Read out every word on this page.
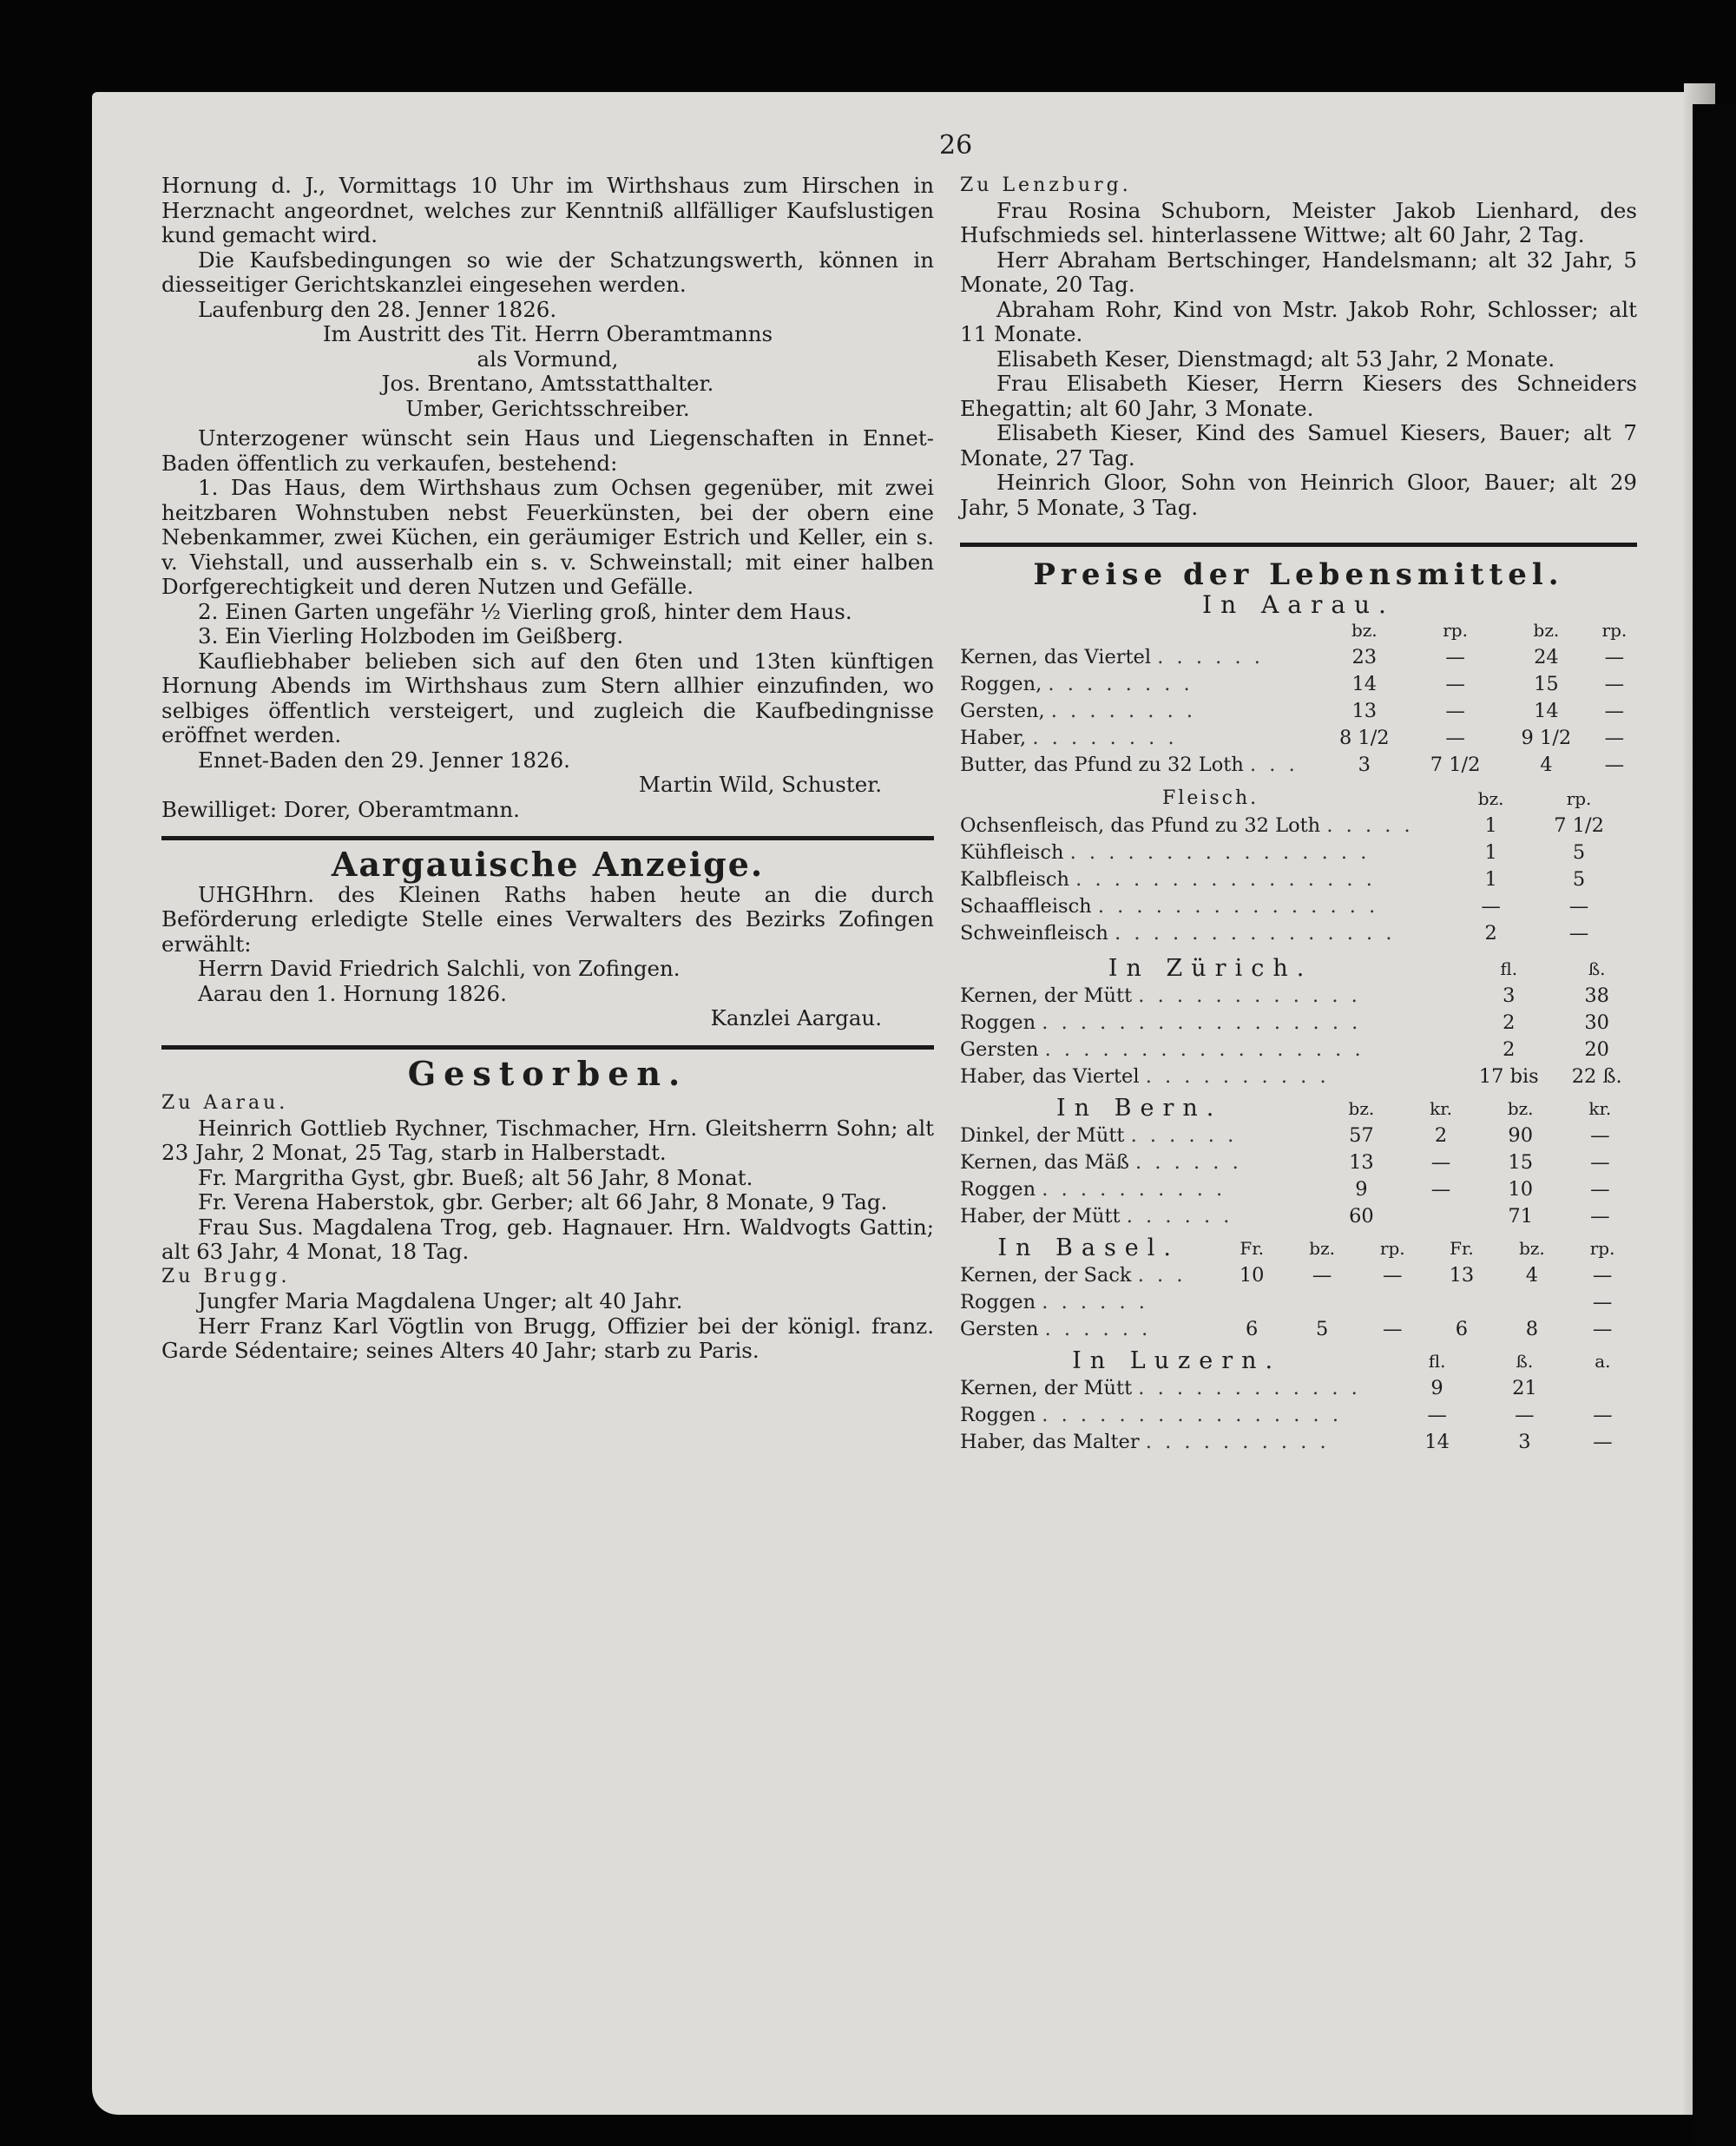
26

Hornung d. J., Vormittags 10 Uhr im Wirthshaus zum Hirschen in Herznacht angeordnet, welches zur Kenntniß allfälliger Kaufslustigen kund gemacht wird.

Die Kaufsbedingungen so wie der Schatzungswerth, können in diesseitiger Gerichtskanzlei eingesehen werden.

Laufenburg den 28. Jenner 1826.

Im Austritt des Tit. Herrn Oberamtmanns

als Vormund,

Jos. Brentano, Amtsstatthalter.

Umber, Gerichtsschreiber.

Unterzogener wünscht sein Haus und Liegenschaften in Ennet-Baden öffentlich zu verkaufen, bestehend:

1. Das Haus, dem Wirthshaus zum Ochsen gegenüber, mit zwei heitzbaren Wohnstuben nebst Feuerkünsten, bei der obern eine Nebenkammer, zwei Küchen, ein geräumiger Estrich und Keller, ein s. v. Viehstall, und ausserhalb ein s. v. Schweinstall; mit einer halben Dorfgerechtigkeit und deren Nutzen und Gefälle.

2. Einen Garten ungefähr ½ Vierling groß, hinter dem Haus.

3. Ein Vierling Holzboden im Geißberg.

Kaufliebhaber belieben sich auf den 6ten und 13ten künftigen Hornung Abends im Wirthshaus zum Stern allhier einzufinden, wo selbiges öffentlich versteigert, und zugleich die Kaufbedingnisse eröffnet werden.

Ennet-Baden den 29. Jenner 1826.

Martin Wild, Schuster.

Bewilliget: Dorer, Oberamtmann.

Aargauische Anzeige.

UHGHhrn. des Kleinen Raths haben heute an die durch Beförderung erledigte Stelle eines Verwalters des Bezirks Zofingen erwählt:

Herrn David Friedrich Salchli, von Zofingen.

Aarau den 1. Hornung 1826.

Kanzlei Aargau.

Gestorben.

Zu Aarau.

Heinrich Gottlieb Rychner, Tischmacher, Hrn. Gleitsherrn Sohn; alt 23 Jahr, 2 Monat, 25 Tag, starb in Halberstadt.

Fr. Margritha Gyst, gbr. Bueß; alt 56 Jahr, 8 Monat.

Fr. Verena Haberstok, gbr. Gerber; alt 66 Jahr, 8 Monate, 9 Tag.

Frau Sus. Magdalena Trog, geb. Hagnauer. Hrn. Waldvogts Gattin; alt 63 Jahr, 4 Monat, 18 Tag.

Zu Brugg.

Jungfer Maria Magdalena Unger; alt 40 Jahr.

Herr Franz Karl Vögtlin von Brugg, Offizier bei der königl. franz. Garde Sédentaire; seines Alters 40 Jahr; starb zu Paris.

Zu Lenzburg.

Frau Rosina Schuborn, Meister Jakob Lienhard, des Hufschmieds sel. hinterlassene Wittwe; alt 60 Jahr, 2 Tag.

Herr Abraham Bertschinger, Handelsmann; alt 32 Jahr, 5 Monate, 20 Tag.

Abraham Rohr, Kind von Mstr. Jakob Rohr, Schlosser; alt 11 Monate.

Elisabeth Keser, Dienstmagd; alt 53 Jahr, 2 Monate.

Frau Elisabeth Kieser, Herrn Kiesers des Schneiders Ehegattin; alt 60 Jahr, 3 Monate.

Elisabeth Kieser, Kind des Samuel Kiesers, Bauer; alt 7 Monate, 27 Tag.

Heinrich Gloor, Sohn von Heinrich Gloor, Bauer; alt 29 Jahr, 5 Monate, 3 Tag.

Preise der Lebensmittel.
In Aarau.
	bz.	rp.	bz.	rp.
Kernen, das Viertel . . . . . .	23	—	24	—
Roggen, . . . . . . . .	14	—	15	—
Gersten, . . . . . . . .	13	—	14	—
Haber, . . . . . . . .	8 1/2	—	9 1/2	—
Butter, das Pfund zu 32 Loth . . .	3	7 1/2	4	—
Fleisch.	bz.	rp.
Ochsenfleisch, das Pfund zu 32 Loth . . . . .	1	7 1/2
Kühfleisch . . . . . . . . . . . . . . . .	1	5
Kalbfleisch . . . . . . . . . . . . . . . .	1	5
Schaaffleisch . . . . . . . . . . . . . . .	—	—
Schweinfleisch . . . . . . . . . . . . . . .	2	—
In Zürich.	fl.	ß.
Kernen, der Mütt . . . . . . . . . . . .	3	38
Roggen . . . . . . . . . . . . . . . . .	2	30
Gersten . . . . . . . . . . . . . . . . .	2	20
Haber, das Viertel . . . . . . . . . .	17 bis	22 ß.
In Bern.	bz.	kr.	bz.	kr.
Dinkel, der Mütt . . . . . .	57	2	90	—
Kernen, das Mäß . . . . . .	13	—	15	—
Roggen . . . . . . . . . .	9	—	10	—
Haber, der Mütt . . . . . .	60		71	—
In Basel.	Fr.	bz.	rp.	Fr.	bz.	rp.
Kernen, der Sack . . .	10	—	—	13	4	—
Roggen . . . . . .						—
Gersten . . . . . .	6	5	—	6	8	—
In Luzern.	fl.	ß.	a.
Kernen, der Mütt . . . . . . . . . . . .	9	21	
Roggen . . . . . . . . . . . . . . . .	—	—	—
Haber, das Malter . . . . . . . . . .	14	3	—
